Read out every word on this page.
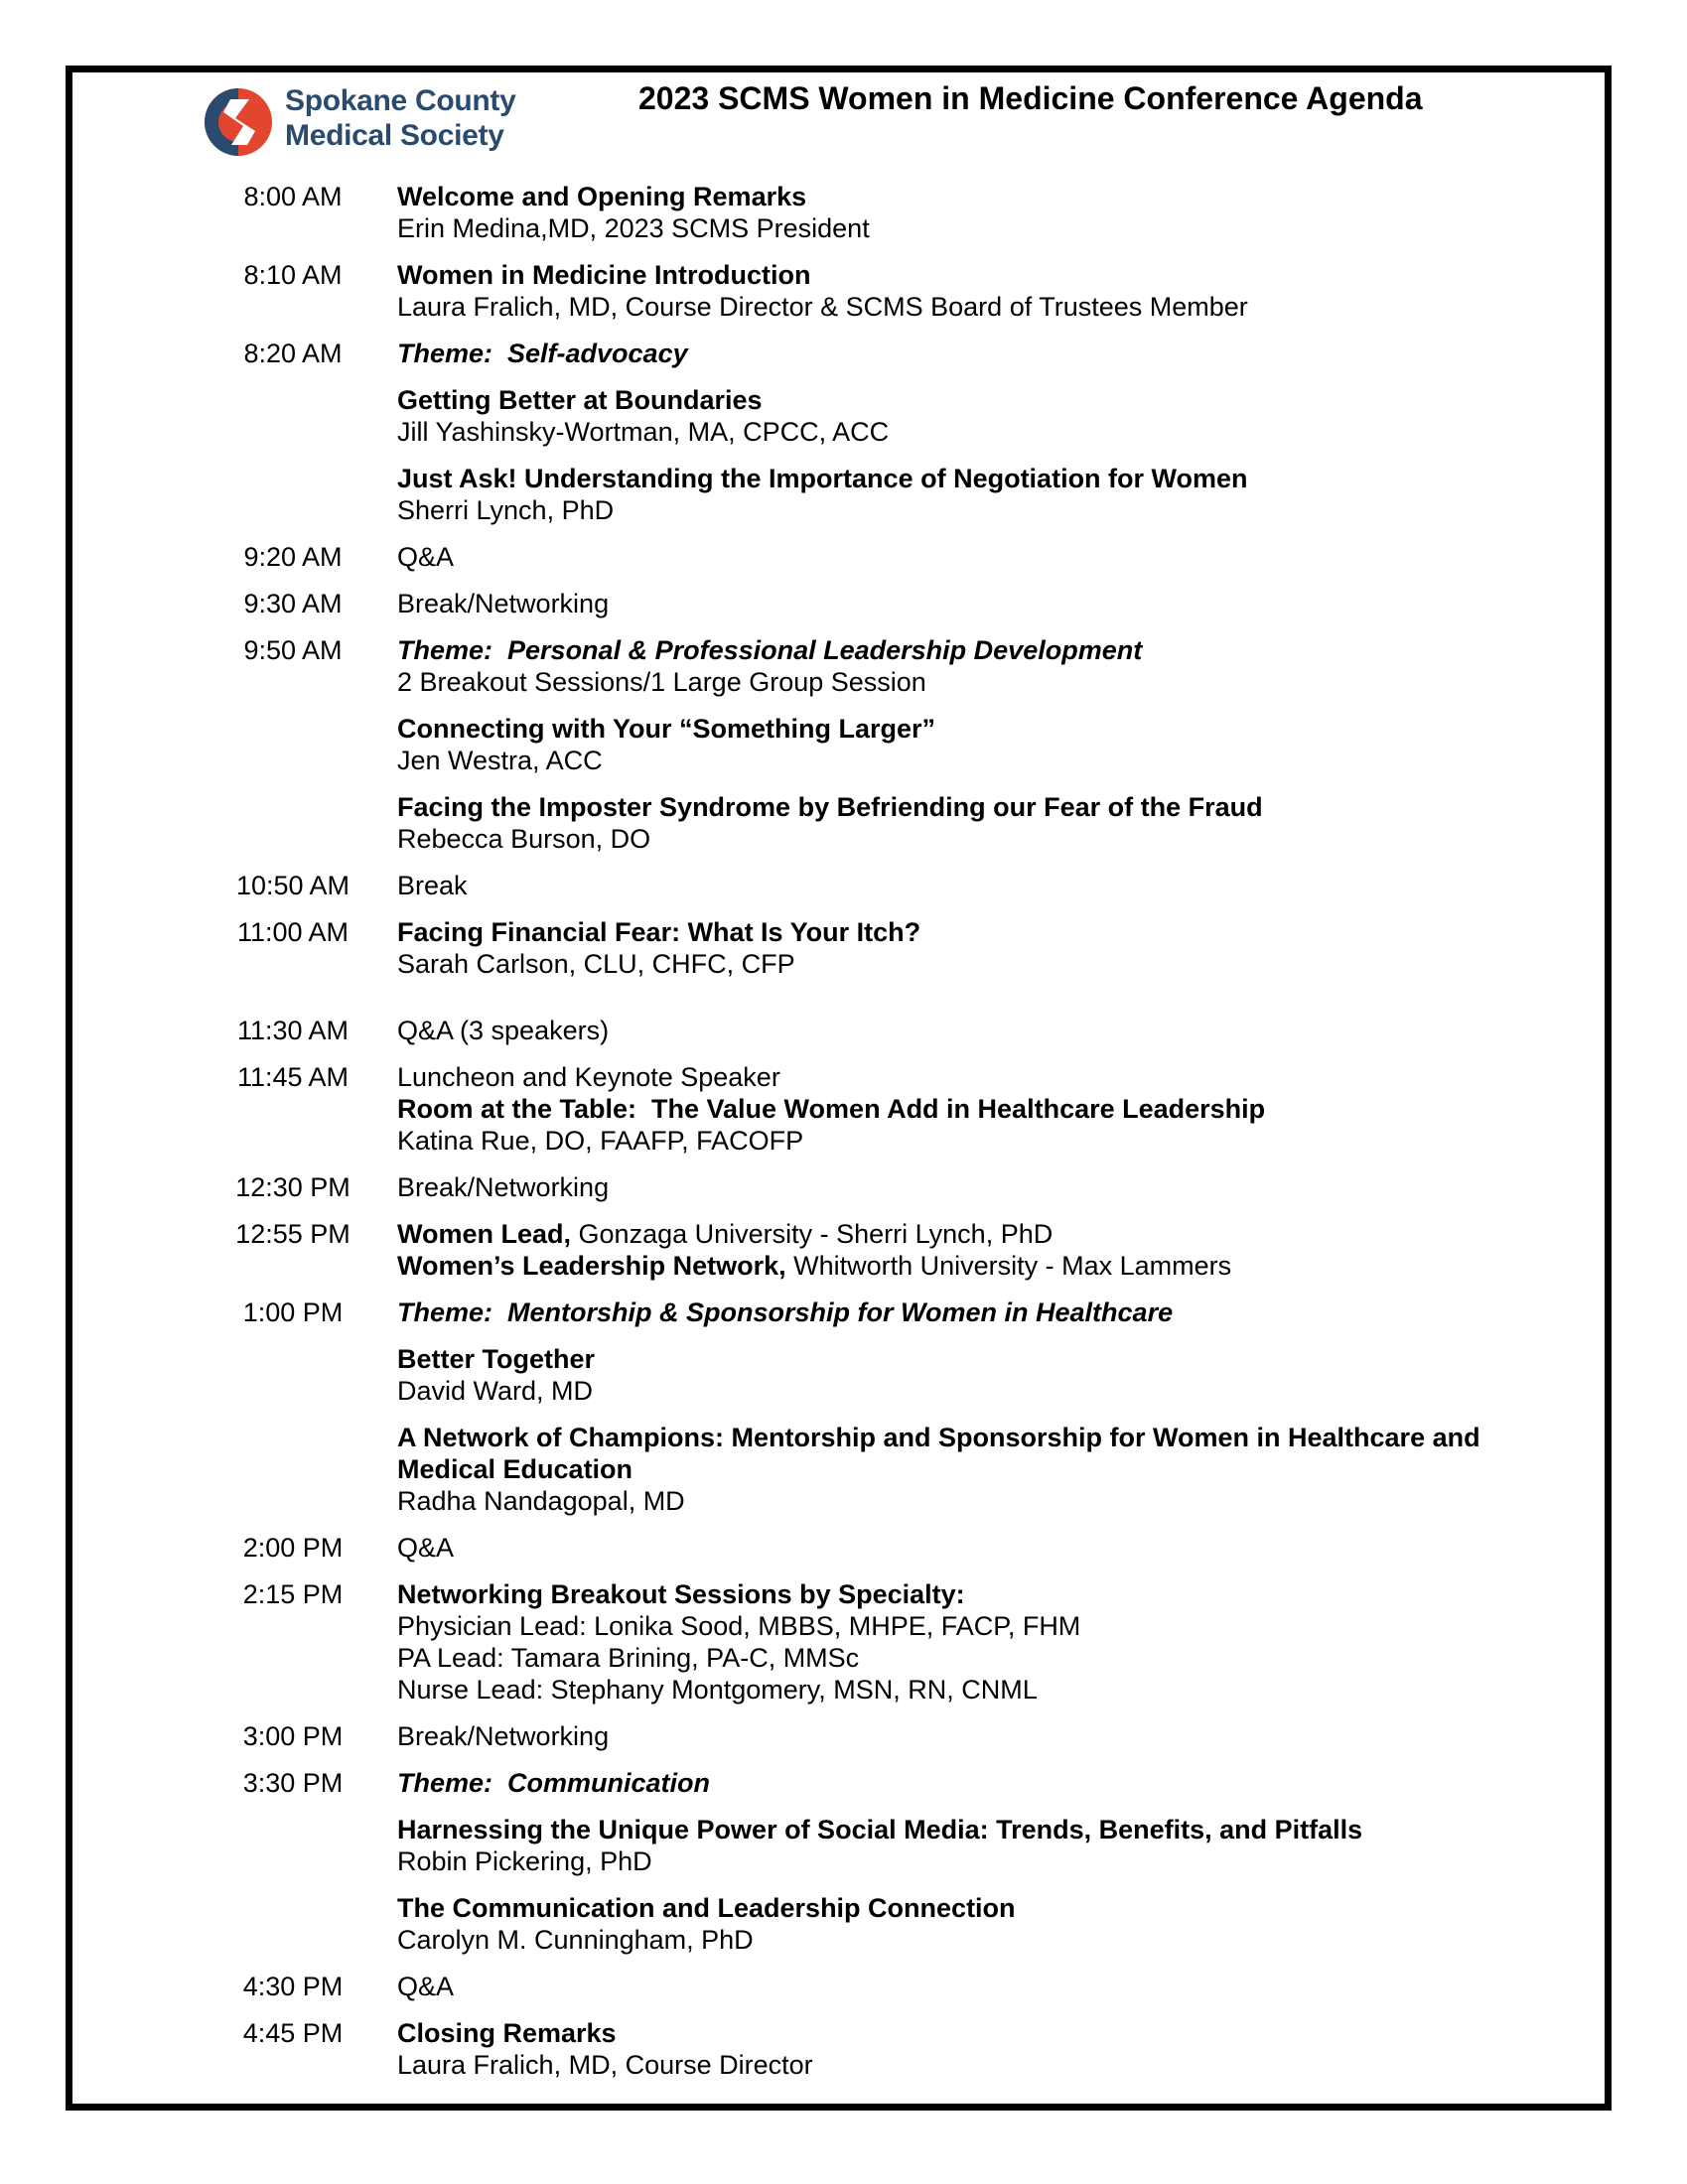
Spokane County
Medical Society
2023 SCMS Women in Medicine Conference Agenda
8:00 AM	Welcome and Opening Remarks
Erin Medina,MD, 2023 SCMS President
8:10 AM	Women in Medicine Introduction
Laura Fralich, MD, Course Director & SCMS Board of Trustees Member
8:20 AM	Theme:  Self-advocacy
Getting Better at Boundaries
Jill Yashinsky-Wortman, MA, CPCC, ACC
Just Ask! Understanding the Importance of Negotiation for Women
Sherri Lynch, PhD
9:20 AM	Q&A
9:30 AM	Break/Networking
9:50 AM	Theme:  Personal & Professional Leadership Development
2 Breakout Sessions/1 Large Group Session
Connecting with Your “Something Larger”
Jen Westra, ACC
Facing the Imposter Syndrome by Befriending our Fear of the Fraud
Rebecca Burson, DO
10:50 AM	Break
11:00 AM	Facing Financial Fear: What Is Your Itch?
Sarah Carlson, CLU, CHFC, CFP
11:30 AM	Q&A (3 speakers)
11:45 AM	Luncheon and Keynote Speaker
Room at the Table:  The Value Women Add in Healthcare Leadership
Katina Rue, DO, FAAFP, FACOFP
12:30 PM	Break/Networking
12:55 PM	Women Lead, Gonzaga University - Sherri Lynch, PhD
Women’s Leadership Network, Whitworth University - Max Lammers
1:00 PM	Theme:  Mentorship & Sponsorship for Women in Healthcare
Better Together
David Ward, MD
A Network of Champions: Mentorship and Sponsorship for Women in Healthcare and
Medical Education
Radha Nandagopal, MD
2:00 PM	Q&A
2:15 PM	Networking Breakout Sessions by Specialty:
Physician Lead: Lonika Sood, MBBS, MHPE, FACP, FHM
PA Lead: Tamara Brining, PA-C, MMSc
Nurse Lead: Stephany Montgomery, MSN, RN, CNML
3:00 PM	Break/Networking
3:30 PM	Theme:  Communication
Harnessing the Unique Power of Social Media: Trends, Benefits, and Pitfalls
Robin Pickering, PhD
The Communication and Leadership Connection
Carolyn M. Cunningham, PhD
4:30 PM	Q&A
4:45 PM	Closing Remarks
Laura Fralich, MD, Course Director
